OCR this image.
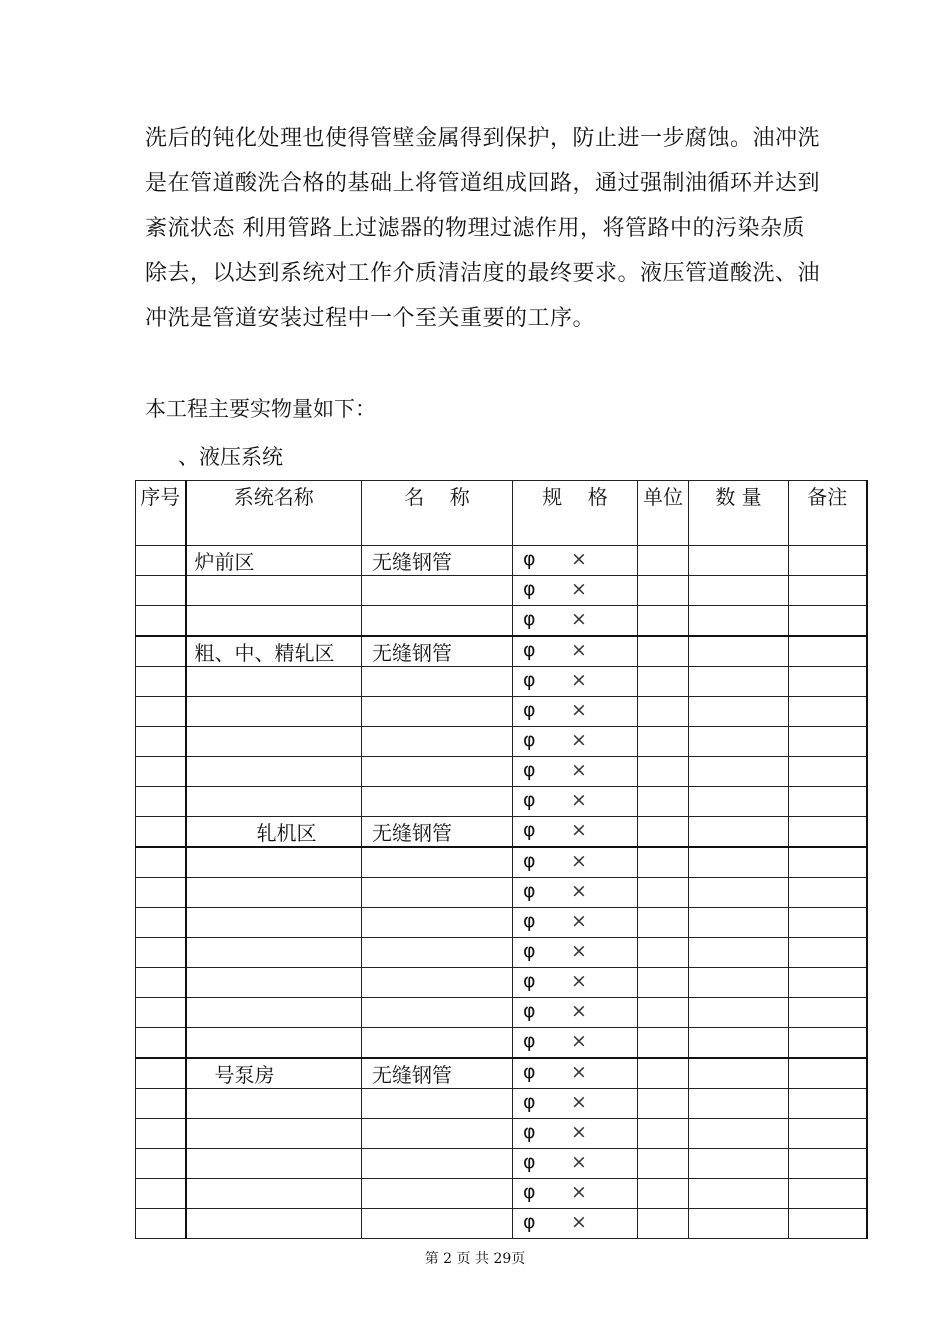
洗后的钝化处理也使得管壁金属得到保护，防止进一步腐蚀。油冲洗
是在管道酸洗合格的基础上将管道组成回路，通过强制油循环并达到
紊流状态 利用管路上过滤器的物理过滤作用，将管路中的污染杂质
除去，以达到系统对工作介质清洁度的最终要求。液压管道酸洗、油
冲洗是管道安装过程中一个至关重要的工序。
本工程主要实物量如下：
、液压系统
序号	系统名称	名    称	规    格	单位	数 量	备注
	炉前区	无缝钢管	φ ×			
			φ ×			
			φ ×			
	粗、中、精轧区	无缝钢管	φ ×			
			φ ×			
			φ ×			
			φ ×			
			φ ×			
			φ ×			
	轧机区	无缝钢管	φ ×			
			φ ×			
			φ ×			
			φ ×			
			φ ×			
			φ ×			
			φ ×			
			φ ×			
	号泵房	无缝钢管	φ ×			
			φ ×			
			φ ×			
			φ ×			
			φ ×			
			φ ×			
第 2 页 共 29页
